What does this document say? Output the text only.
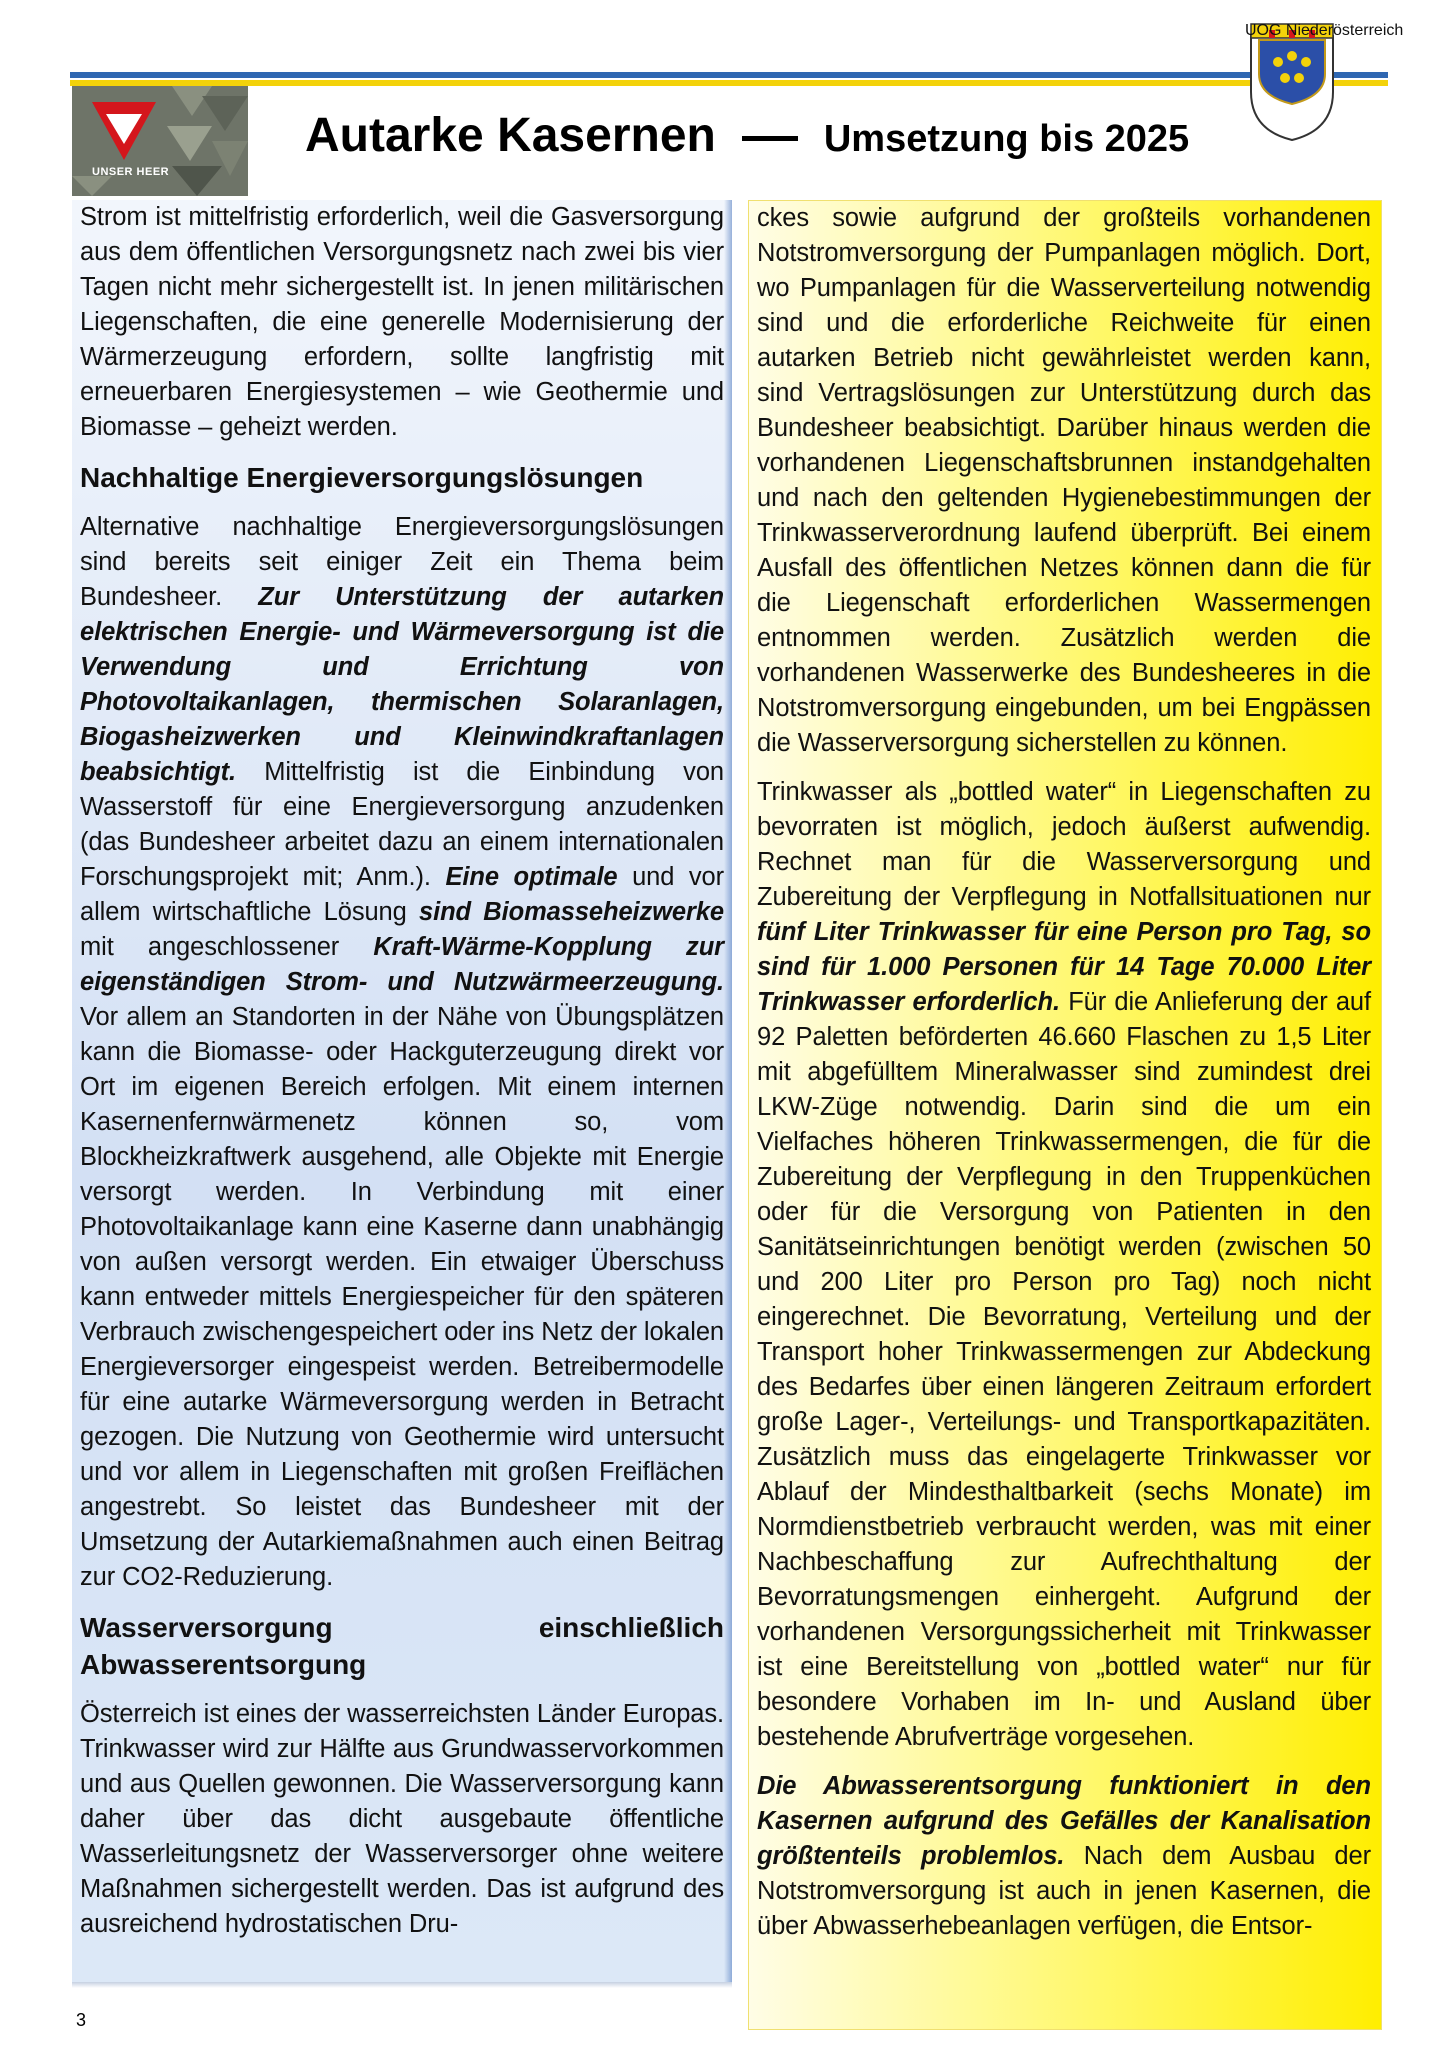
UNSER HEER
Autarke Kasernen	Umsetzung bis 2025
UOG Niederösterreich

Strom ist mittelfristig erforderlich, weil die Gasversorgung aus dem öffentlichen Versorgungsnetz nach zwei bis vier Tagen nicht mehr sichergestellt ist. In jenen militärischen Liegenschaften, die eine generelle Modernisierung der Wärmerzeugung erfordern, sollte langfristig mit erneuerbaren Energiesystemen – wie Geothermie und Biomasse – geheizt werden.

Nachhaltige Energieversorgungslösungen

Alternative nachhaltige Energieversorgungslösungen sind bereits seit einiger Zeit ein Thema beim Bundesheer. Zur Unterstützung der autarken elektrischen Energie- und Wärmeversorgung ist die Verwendung und Errichtung von Photovoltaikanlagen, thermischen Solaranlagen, Biogasheizwerken und Kleinwindkraftanlagen beabsichtigt. Mittelfristig ist die Einbindung von Wasserstoff für eine Energieversorgung anzudenken (das Bundesheer arbeitet dazu an einem internationalen Forschungsprojekt mit; Anm.). Eine optimale und vor allem wirtschaftliche Lösung sind Biomasseheizwerke mit angeschlossener Kraft-Wärme-Kopplung zur eigenständigen Strom- und Nutzwärmeerzeugung. Vor allem an Standorten in der Nähe von Übungsplätzen kann die Biomasse- oder Hackguterzeugung direkt vor Ort im eigenen Bereich erfolgen. Mit einem internen Kasernenfernwärmenetz können so, vom Blockheizkraftwerk ausgehend, alle Objekte mit Energie versorgt werden. In Verbindung mit einer Photovoltaikanlage kann eine Kaserne dann unabhängig von außen versorgt werden. Ein etwaiger Überschuss kann entweder mittels Energiespeicher für den späteren Verbrauch zwischengespeichert oder ins Netz der lokalen Energieversorger eingespeist werden. Betreibermodelle für eine autarke Wärmeversorgung werden in Betracht gezogen. Die Nutzung von Geothermie wird untersucht und vor allem in Liegenschaften mit großen Freiflächen angestrebt. So leistet das Bundesheer mit der Umsetzung der Autarkiemaßnahmen auch einen Beitrag zur CO2-Reduzierung.

Wasserversorgung einschließlich Abwasserentsorgung

Österreich ist eines der wasserreichsten Länder Europas. Trinkwasser wird zur Hälfte aus Grundwasservorkommen und aus Quellen gewonnen. Die Wasserversorgung kann daher über das dicht ausgebaute öffentliche Wasserleitungsnetz der Wasserversorger ohne weitere Maßnahmen sichergestellt werden. Das ist aufgrund des ausreichend hydrostatischen Dru-

ckes sowie aufgrund der großteils vorhandenen Notstromversorgung der Pumpanlagen möglich. Dort, wo Pumpanlagen für die Wasserverteilung notwendig sind und die erforderliche Reichweite für einen autarken Betrieb nicht gewährleistet werden kann, sind Vertragslösungen zur Unterstützung durch das Bundesheer beabsichtigt. Darüber hinaus werden die vorhandenen Liegenschaftsbrunnen instandgehalten und nach den geltenden Hygienebestimmungen der Trinkwasserverordnung laufend überprüft. Bei einem Ausfall des öffentlichen Netzes können dann die für die Liegenschaft erforderlichen Wassermengen entnommen werden. Zusätzlich werden die vorhandenen Wasserwerke des Bundesheeres in die Notstromversorgung eingebunden, um bei Engpässen die Wasserversorgung sicherstellen zu können.

Trinkwasser als „bottled water“ in Liegenschaften zu bevorraten ist möglich, jedoch äußerst aufwendig. Rechnet man für die Wasserversorgung und Zubereitung der Verpflegung in Notfallsituationen nur fünf Liter Trinkwasser für eine Person pro Tag, so sind für 1.000 Personen für 14 Tage 70.000 Liter Trinkwasser erforderlich. Für die Anlieferung der auf 92 Paletten beförderten 46.660 Flaschen zu 1,5 Liter mit abgefülltem Mineralwasser sind zumindest drei LKW-Züge notwendig. Darin sind die um ein Vielfaches höheren Trinkwassermengen, die für die Zubereitung der Verpflegung in den Truppenküchen oder für die Versorgung von Patienten in den Sanitätseinrichtungen benötigt werden (zwischen 50 und 200 Liter pro Person pro Tag) noch nicht eingerechnet. Die Bevorratung, Verteilung und der Transport hoher Trinkwassermengen zur Abdeckung des Bedarfes über einen längeren Zeitraum erfordert große Lager-, Verteilungs- und Transportkapazitäten. Zusätzlich muss das eingelagerte Trinkwasser vor Ablauf der Mindesthaltbarkeit (sechs Monate) im Normdienstbetrieb verbraucht werden, was mit einer Nachbeschaffung zur Aufrechthaltung der Bevorratungsmengen einhergeht. Aufgrund der vorhandenen Versorgungssicherheit mit Trinkwasser ist eine Bereitstellung von „bottled water“ nur für besondere Vorhaben im In- und Ausland über bestehende Abrufverträge vorgesehen.

Die Abwasserentsorgung funktioniert in den Kasernen aufgrund des Gefälles der Kanalisation größtenteils problemlos. Nach dem Ausbau der Notstromversorgung ist auch in jenen Kasernen, die über Abwasserhebeanlagen verfügen, die Entsor-

3
